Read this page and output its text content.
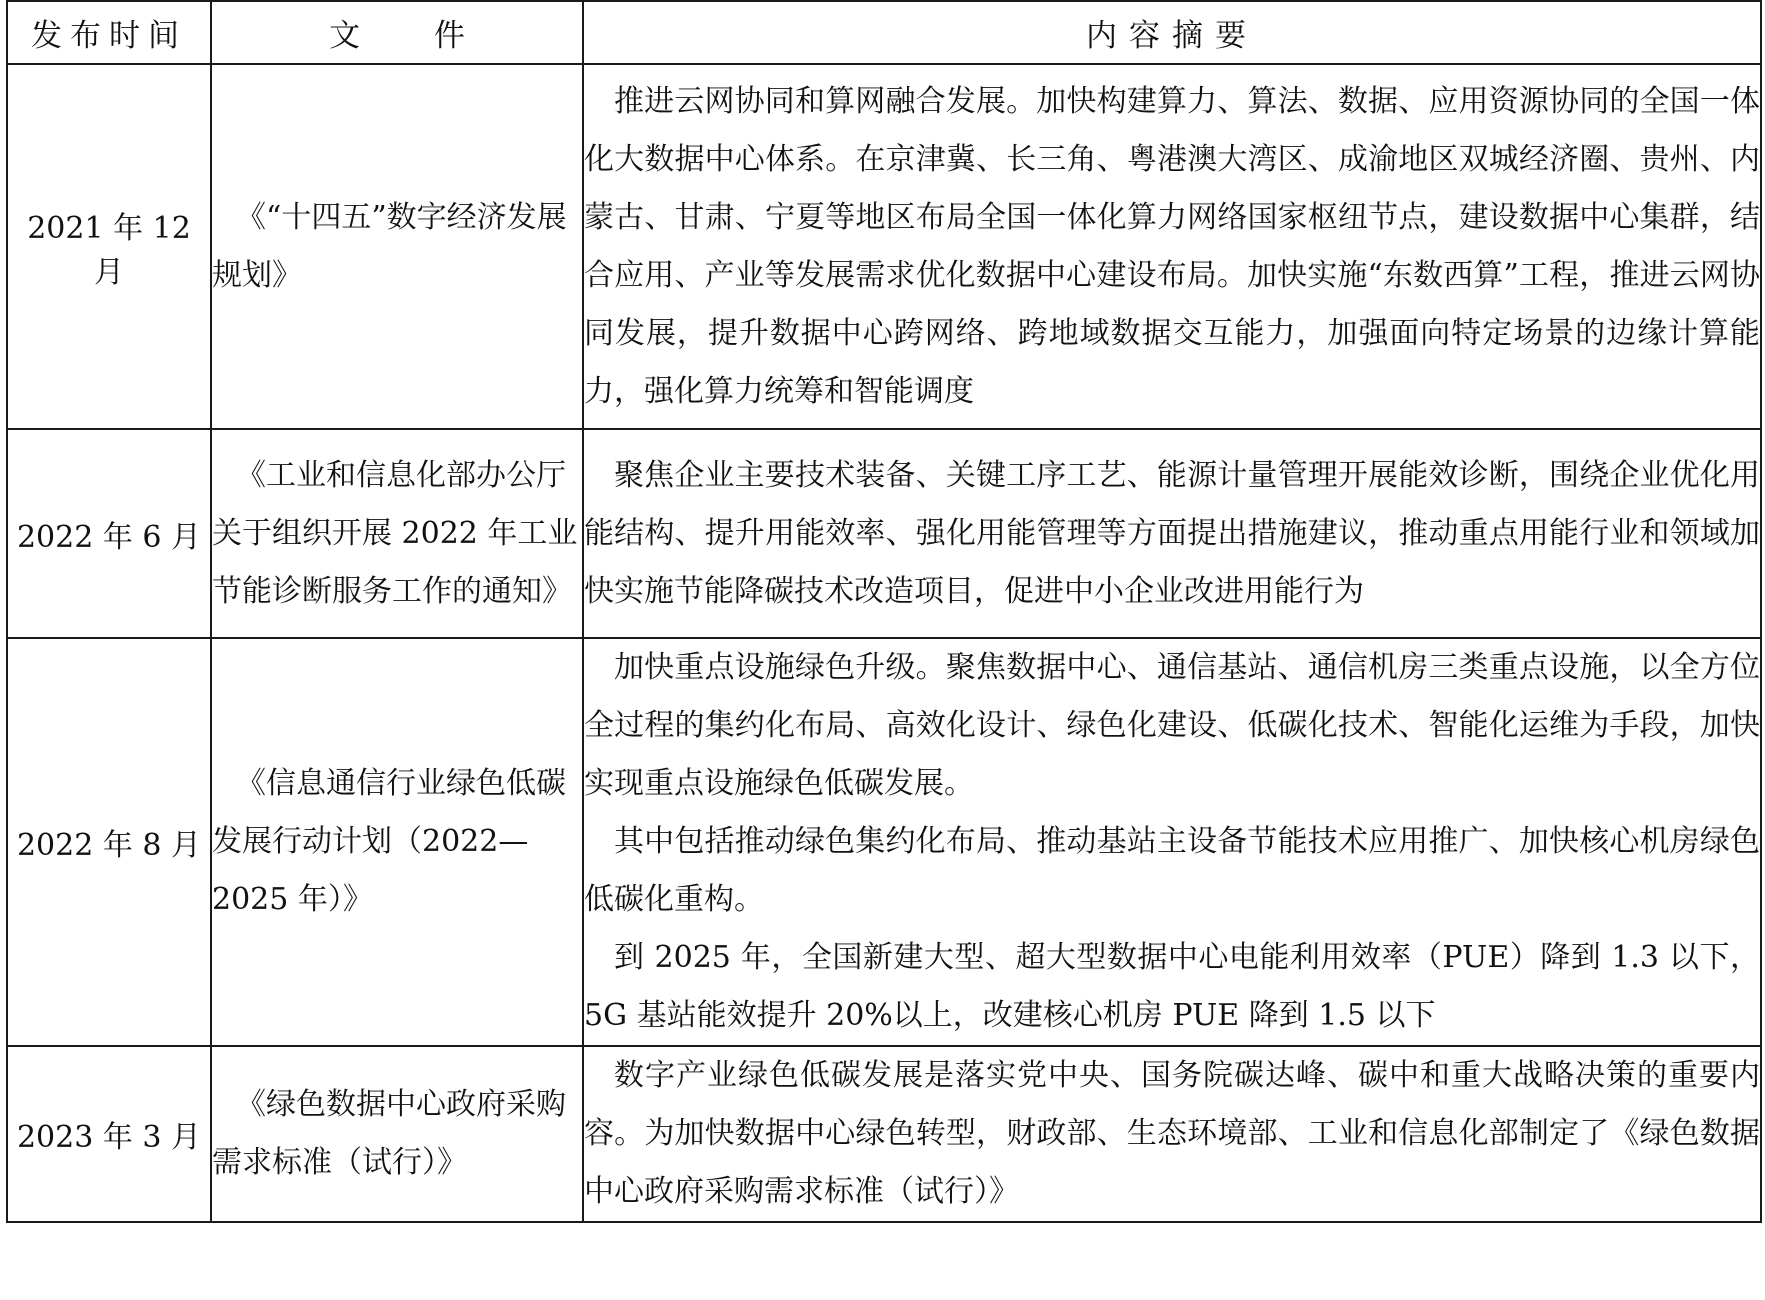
发布时间	文 件	内容摘要
2021 年 12 月	《“十四五”数字经济发展规划》	推进云网协同和算网融合发展。加快构建算力、算法、数据、应用资源协同的全国一体化大数据中心体系。在京津冀、长三角、粤港澳大湾区、成渝地区双城经济圈、贵州、内蒙古、甘肃、宁夏等地区布局全国一体化算力网络国家枢纽节点，建设数据中心集群，结合应用、产业等发展需求优化数据中心建设布局。加快实施“东数西算”工程，推进云网协同发展，提升数据中心跨网络、跨地域数据交互能力，加强面向特定场景的边缘计算能力，强化算力统筹和智能调度

2022 年 6 月	《工业和信息化部办公厅关于组织开展 2022 年工业节能诊断服务工作的通知》	聚焦企业主要技术装备、关键工序工艺、能源计量管理开展能效诊断，围绕企业优化用能结构、提升用能效率、强化用能管理等方面提出措施建议，推动重点用能行业和领域加快实施节能降碳技术改造项目，促进中小企业改进用能行为

2022 年 8 月	《信息通信行业绿色低碳发展行动计划（2022—2025 年）》	加快重点设施绿色升级。聚焦数据中心、通信基站、通信机房三类重点设施，以全方位全过程的集约化布局、高效化设计、绿色化建设、低碳化技术、智能化运维为手段，加快实现重点设施绿色低碳发展。

其中包括推动绿色集约化布局、推动基站主设备节能技术应用推广、加快核心机房绿色低碳化重构。

到 2025 年，全国新建大型、超大型数据中心电能利用效率（PUE）降到 1.3 以下，5G 基站能效提升 20%以上，改建核心机房 PUE 降到 1.5 以下

2023 年 3 月	《绿色数据中心政府采购需求标准（试行）》	数字产业绿色低碳发展是落实党中央、国务院碳达峰、碳中和重大战略决策的重要内容。为加快数据中心绿色转型，财政部、生态环境部、工业和信息化部制定了《绿色数据中心政府采购需求标准（试行）》
